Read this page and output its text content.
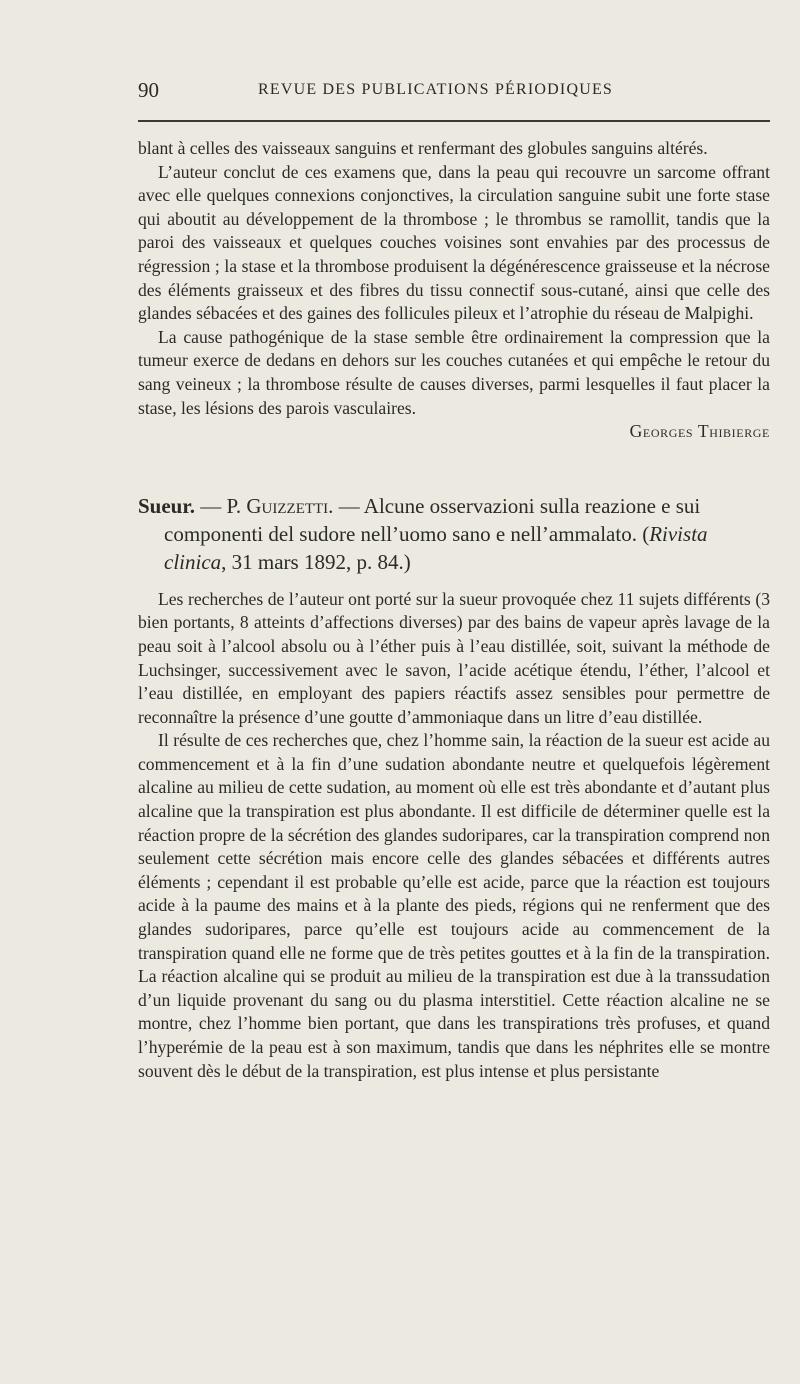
90	REVUE DES PUBLICATIONS PÉRIODIQUES

blant à celles des vaisseaux sanguins et renfermant des globules sanguins altérés.

L’auteur conclut de ces examens que, dans la peau qui recouvre un sarcome offrant avec elle quelques connexions conjonctives, la circulation sanguine subit une forte stase qui aboutit au développement de la thrombose ; le thrombus se ramollit, tandis que la paroi des vaisseaux et quelques couches voisines sont envahies par des processus de régression ; la stase et la thrombose produisent la dégénérescence graisseuse et la nécrose des éléments graisseux et des fibres du tissu connectif sous-cutané, ainsi que celle des glandes sébacées et des gaines des follicules pileux et l’atrophie du réseau de Malpighi.

La cause pathogénique de la stase semble être ordinairement la compression que la tumeur exerce de dedans en dehors sur les couches cutanées et qui empêche le retour du sang veineux ; la thrombose résulte de causes diverses, parmi lesquelles il faut placer la stase, les lésions des parois vasculaires.

Georges Thibierge

Sueur. — P. Guizzetti. — Alcune osservazioni sulla reazione e sui componenti del sudore nell’uomo sano e nell’ammalato. (Rivista clinica, 31 mars 1892, p. 84.)

Les recherches de l’auteur ont porté sur la sueur provoquée chez 11 sujets différents (3 bien portants, 8 atteints d’affections diverses) par des bains de vapeur après lavage de la peau soit à l’alcool absolu ou à l’éther puis à l’eau distillée, soit, suivant la méthode de Luchsinger, successivement avec le savon, l’acide acétique étendu, l’éther, l’alcool et l’eau distillée, en employant des papiers réactifs assez sensibles pour permettre de reconnaître la présence d’une goutte d’ammoniaque dans un litre d’eau distillée.

Il résulte de ces recherches que, chez l’homme sain, la réaction de la sueur est acide au commencement et à la fin d’une sudation abondante neutre et quelquefois légèrement alcaline au milieu de cette sudation, au moment où elle est très abondante et d’autant plus alcaline que la transpiration est plus abondante. Il est difficile de déterminer quelle est la réaction propre de la sécrétion des glandes sudoripares, car la transpiration comprend non seulement cette sécrétion mais encore celle des glandes sébacées et différents autres éléments ; cependant il est probable qu’elle est acide, parce que la réaction est toujours acide à la paume des mains et à la plante des pieds, régions qui ne renferment que des glandes sudoripares, parce qu’elle est toujours acide au commencement de la transpiration quand elle ne forme que de très petites gouttes et à la fin de la transpiration. La réaction alcaline qui se produit au milieu de la transpiration est due à la transsudation d’un liquide provenant du sang ou du plasma interstitiel. Cette réaction alcaline ne se montre, chez l’homme bien portant, que dans les transpirations très profuses, et quand l’hyperémie de la peau est à son maximum, tandis que dans les néphrites elle se montre souvent dès le début de la transpiration, est plus intense et plus persistante
